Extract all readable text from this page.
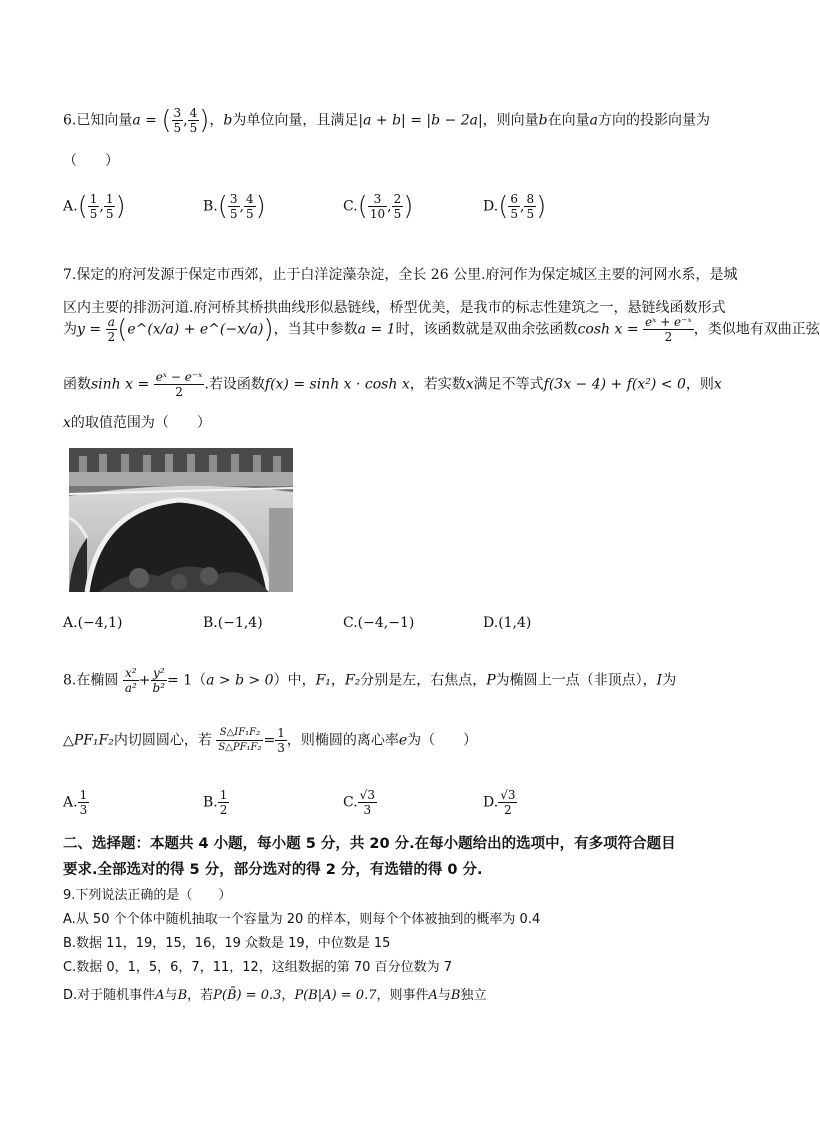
6.已知向量a = ( $\frac{3}{5}$ , $\frac{4}{5}$ )，b为单位向量，且满足|a + b| = |b − 2a|，则向量b在向量a方向的投影向量为
（　　）
$A.( \frac{1}{5}$ , $\frac{1}{5}$ )	$B.( \frac{3}{5}$ , $\frac{4}{5}$ )	$C.( \frac{3}{10}$ , $\frac{2}{5}$ )	$D.( \frac{6}{5}$ , $\frac{8}{5}$ )
7.保定的府河发源于保定市西郊，止于白洋淀藻杂淀，全长 26 公里.府河作为保定城区主要的河网水系，是城
区内主要的排沥河道.府河桥其桥拱曲线形似悬链线，桥型优美，是我市的标志性建筑之一，悬链线函数形式
为$y = \frac{a}{2}$ (e^(x/a) + e^(−x/a))，当其中参数a = 1时，该函数就是双曲余弦函数$\cosh x = \frac{\text{eˣ + e⁻ˣ}}{2}$ ，类似地有双曲正弦
函数$\sinh x = \frac{\text{eˣ − e⁻ˣ}}{2}$ .若设函数f(x) = sinh x · cosh x，若实数x满足不等式f(3x − 4) + f(x²) < 0，则x
x的取值范围为（　　）
A.(−4,1)	B.(−1,4)	C.(−4,−1)	D.(1,4)
8.在椭圆 $\frac{\text{x²}}{\text{a²}} + \frac{\text{y²}}{\text{b²}} = 1(a > b > 0)$中，F₁，F₂分别是左，右焦点，P为椭圆上一点（非顶点），I为
△PF₁F₂内切圆圆心，若 $\frac{\text{S△IF₁F₂}}{\text{S△PF₁F₂}} = \frac{1}{3}$ ，则椭圆的离心率e为（　　）
A. $\frac{1}{3}$	B. $\frac{1}{2}$	C. $\frac{√3}{3}$	D. $\frac{√3}{2}$
二、选择题：本题共 4 小题，每小题 5 分，共 20 分.在每小题给出的选项中，有多项符合题目
要求.全部选对的得 5 分，部分选对的得 2 分，有选错的得 0 分.
9.下列说法正确的是（　　）
A.从 50 个个体中随机抽取一个容量为 20 的样本，则每个个体被抽到的概率为 0.4
B.数据 11，19，15，16，19 众数是 19，中位数是 15
C.数据 0，1，5，6，7，11，12，这组数据的第 70 百分位数为 7
D.对于随机事件A与B，若P(B̄) = 0.3，P(B|A) = 0.7，则事件A与B独立
